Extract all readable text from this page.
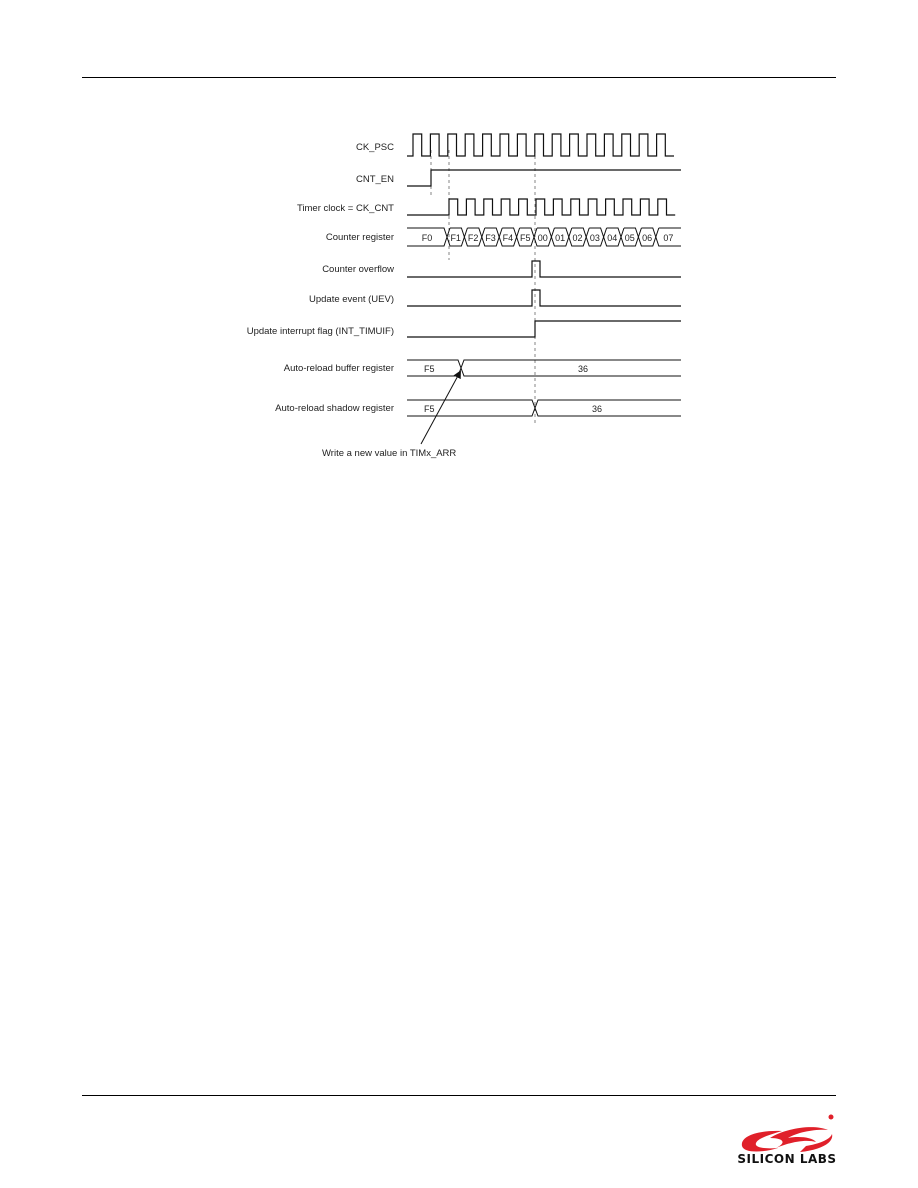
CK_PSC
CNT_EN
Timer clock = CK_CNT
Counter register
Counter overflow
Update event (UEV)
Update interrupt flag (INT_TIMUIF)
Auto-reload buffer register
Auto-reload shadow register
F0 F1 F2 F3 F4 F5 00 01 02 03 04 05 06 07
F5	36
F5	36
Write a new value in TIMx_ARR
SILICON LABS
